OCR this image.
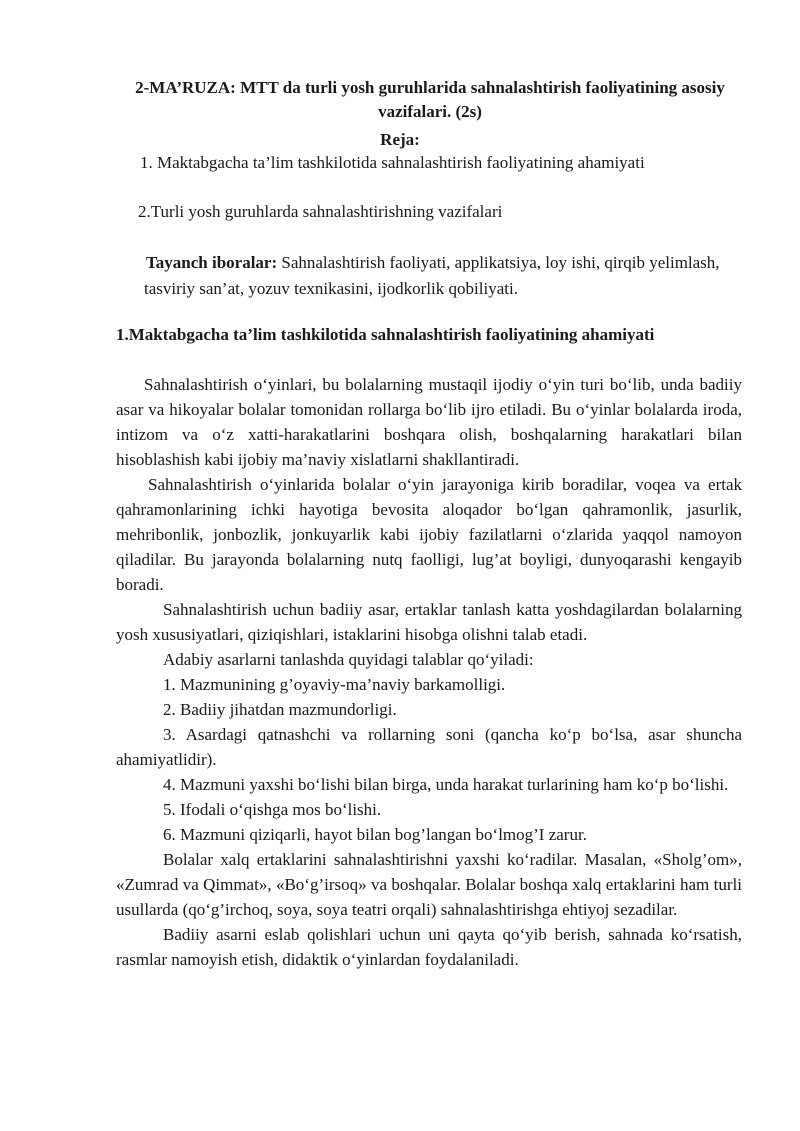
2-MA’RUZA: MTT da turli yosh guruhlarida sahnalashtirish faoliyatining asosiy vazifalari. (2s)
Reja:
1. Maktabgacha ta’lim tashkilotida sahnalashtirish faoliyatining ahamiyati
2.Turli yosh guruhlarda sahnalashtirishning vazifalari
Tayanch iboralar: Sahnalashtirish faoliyati, applikatsiya, loy ishi, qirqib yelimlash, tasviriy san’at, yozuv texnikasini, ijodkorlik qobiliyati.
1.Maktabgacha ta’lim tashkilotida sahnalashtirish faoliyatining ahamiyati

Sahnalashtirish o‘yinlari, bu bolalarning mustaqil ijodiy o‘yin turi bo‘lib, unda badiiy asar va hikoyalar bolalar tomonidan rollarga bo‘lib ijro etiladi. Bu o‘yinlar bolalarda iroda, intizom va o‘z xatti-harakatlarini boshqara olish, boshqalarning harakatlari bilan hisoblashish kabi ijobiy ma’naviy xislatlarni shakllantiradi.

Sahnalashtirish o‘yinlarida bolalar o‘yin jarayoniga kirib boradilar, voqea va ertak qahramonlarining ichki hayotiga bevosita aloqador bo‘lgan qahramonlik, jasurlik, mehribonlik, jonbozlik, jonkuyarlik kabi ijobiy fazilatlarni o‘zlarida yaqqol namoyon qiladilar. Bu jarayonda bolalarning nutq faolligi, lug’at boyligi, dunyoqarashi kengayib boradi.

Sahnalashtirish uchun badiiy asar, ertaklar tanlash katta yoshdagilardan bolalarning yosh xususiyatlari, qiziqishlari, istaklarini hisobga olishni talab etadi.

Adabiy asarlarni tanlashda quyidagi talablar qo‘yiladi:

1. Mazmunining g’oyaviy-ma’naviy barkamolligi.

2. Badiiy jihatdan mazmundorligi.

3. Asardagi qatnashchi va rollarning soni (qancha ko‘p bo‘lsa, asar shuncha ahamiyatlidir).

4. Mazmuni yaxshi bo‘lishi bilan birga, unda harakat turlarining ham ko‘p bo‘lishi.

5. Ifodali o‘qishga mos bo‘lishi.

6. Mazmuni qiziqarli, hayot bilan bog’langan bo‘lmog’I zarur.

Bolalar xalq ertaklarini sahnalashtirishni yaxshi ko‘radilar. Masalan, «Sholg’om», «Zumrad va Qimmat», «Bo‘g’irsoq» va boshqalar. Bolalar boshqa xalq ertaklarini ham turli usullarda (qo‘g’irchoq, soya, soya teatri orqali) sahnalashtirishga ehtiyoj sezadilar.

Badiiy asarni eslab qolishlari uchun uni qayta qo‘yib berish, sahnada ko‘rsatish, rasmlar namoyish etish, didaktik o‘yinlardan foydalaniladi.
